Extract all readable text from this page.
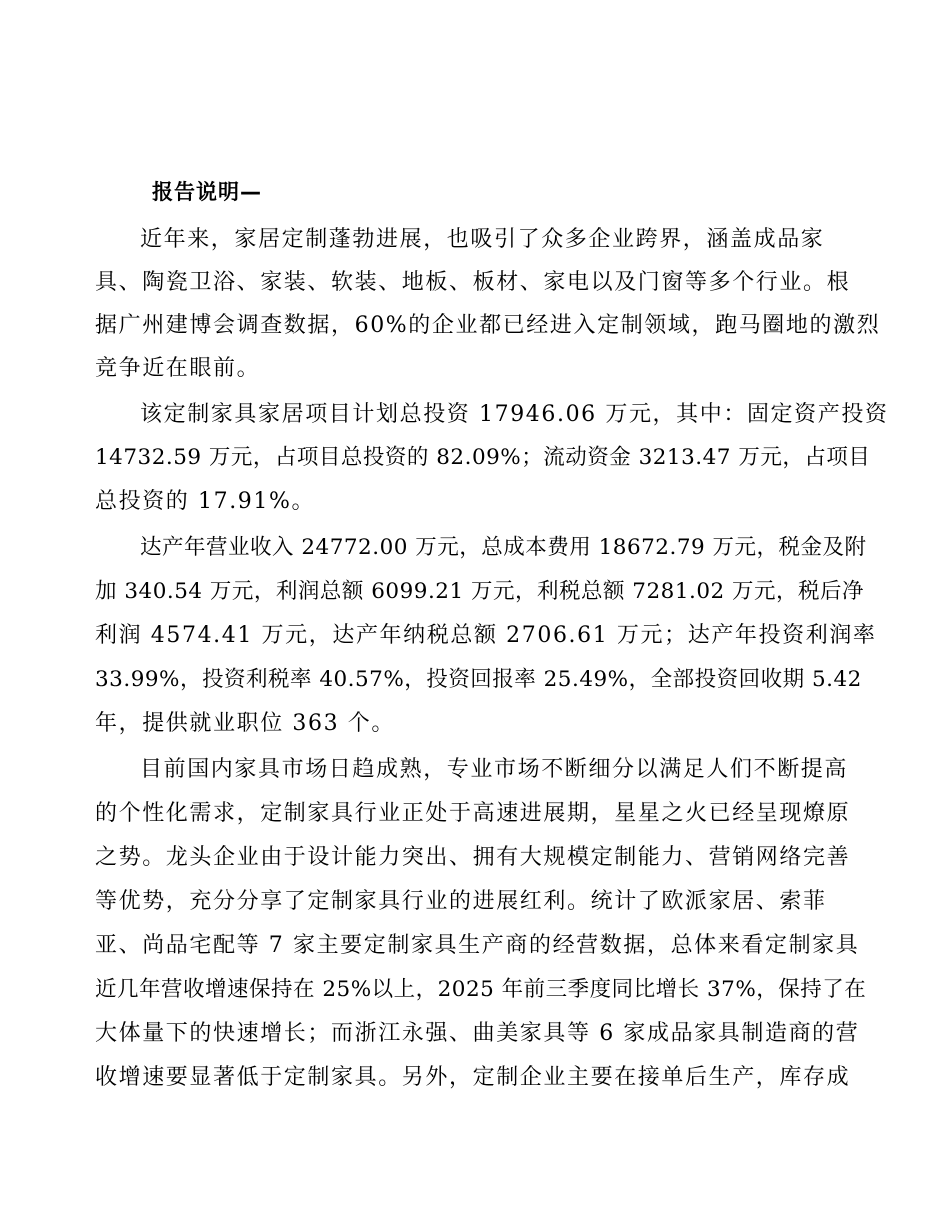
报告说明—
近年来，家居定制蓬勃进展，也吸引了众多企业跨界，涵盖成品家
具、陶瓷卫浴、家装、软装、地板、板材、家电以及门窗等多个行业。根
据广州建博会调查数据，60%的企业都已经进入定制领域，跑马圈地的激烈
竞争近在眼前。
该定制家具家居项目计划总投资 17946.06 万元，其中：固定资产投资
14732.59 万元，占项目总投资的 82.09%；流动资金 3213.47 万元，占项目
总投资的 17.91%。
达产年营业收入 24772.00 万元，总成本费用 18672.79 万元，税金及附
加 340.54 万元，利润总额 6099.21 万元，利税总额 7281.02 万元，税后净
利润 4574.41 万元，达产年纳税总额 2706.61 万元；达产年投资利润率
33.99%，投资利税率 40.57%，投资回报率 25.49%，全部投资回收期 5.42
年，提供就业职位 363 个。
目前国内家具市场日趋成熟，专业市场不断细分以满足人们不断提高
的个性化需求，定制家具行业正处于高速进展期，星星之火已经呈现燎原
之势。龙头企业由于设计能力突出、拥有大规模定制能力、营销网络完善
等优势，充分分享了定制家具行业的进展红利。统计了欧派家居、索菲
亚、尚品宅配等 7 家主要定制家具生产商的经营数据，总体来看定制家具
近几年营收增速保持在 25%以上，2025 年前三季度同比增长 37%，保持了在
大体量下的快速增长；而浙江永强、曲美家具等 6 家成品家具制造商的营
收增速要显著低于定制家具。另外，定制企业主要在接单后生产，库存成
